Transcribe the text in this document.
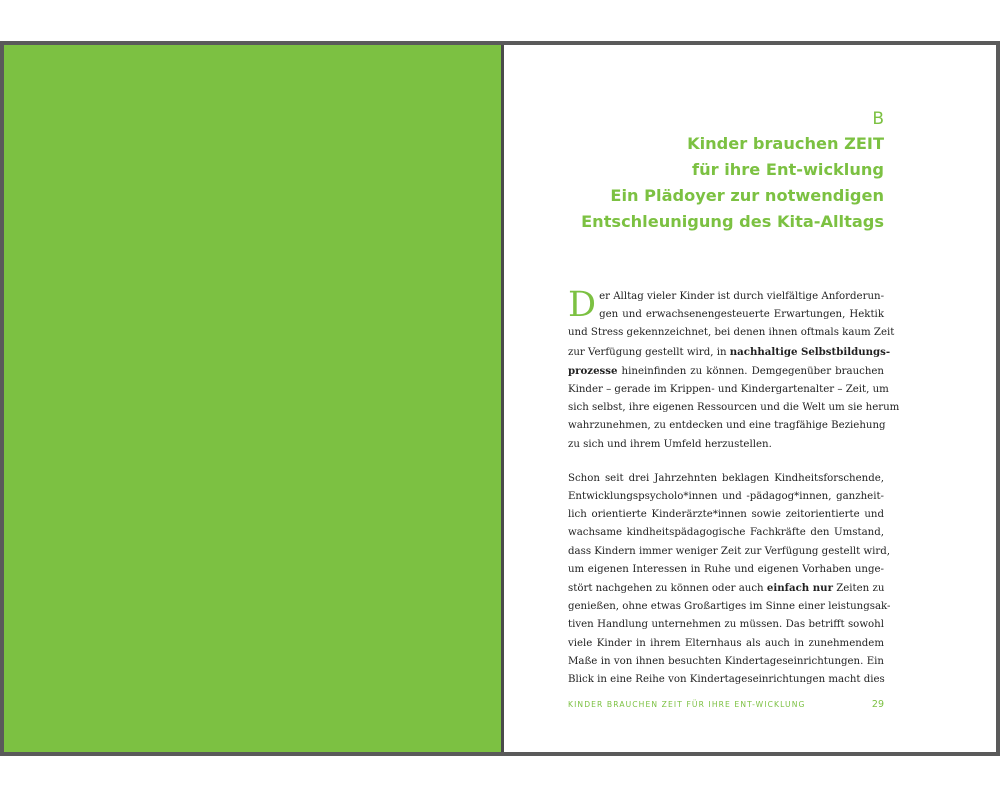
B
Kinder brauchen ZEIT
für ihre Ent-wicklung
Ein Plädoyer zur notwendigen
Entschleunigung des Kita-Alltags
D er Alltag vieler Kinder ist durch vielfältige Anforderun-
gen und erwachsenengesteuerte Erwartungen, Hektik
und Stress gekennzeichnet, bei denen ihnen oftmals kaum Zeit
zur Verfügung gestellt wird, in nachhaltige Selbstbildungs-
prozesse hineinfinden zu können. Demgegenüber brauchen
Kinder – gerade im Krippen- und Kindergartenalter – Zeit, um
sich selbst, ihre eigenen Ressourcen und die Welt um sie herum
wahrzunehmen, zu entdecken und eine tragfähige Beziehung
zu sich und ihrem Umfeld herzustellen.
Schon seit drei Jahrzehnten beklagen Kindheitsforschende,
Entwicklungspsycholo*innen und -pädagog*innen, ganzheit-
lich orientierte Kinderärzte*innen sowie zeitorientierte und
wachsame kindheitspädagogische Fachkräfte den Umstand,
dass Kindern immer weniger Zeit zur Verfügung gestellt wird,
um eigenen Interessen in Ruhe und eigenen Vorhaben unge-
stört nachgehen zu können oder auch einfach nur Zeiten zu
genießen, ohne etwas Großartiges im Sinne einer leistungsak-
tiven Handlung unternehmen zu müssen. Das betrifft sowohl
viele Kinder in ihrem Elternhaus als auch in zunehmendem
Maße in von ihnen besuchten Kindertageseinrichtungen. Ein
Blick in eine Reihe von Kindertageseinrichtungen macht dies
KINDER BRAUCHEN ZEIT FÜR IHRE ENT-WICKLUNG	29
